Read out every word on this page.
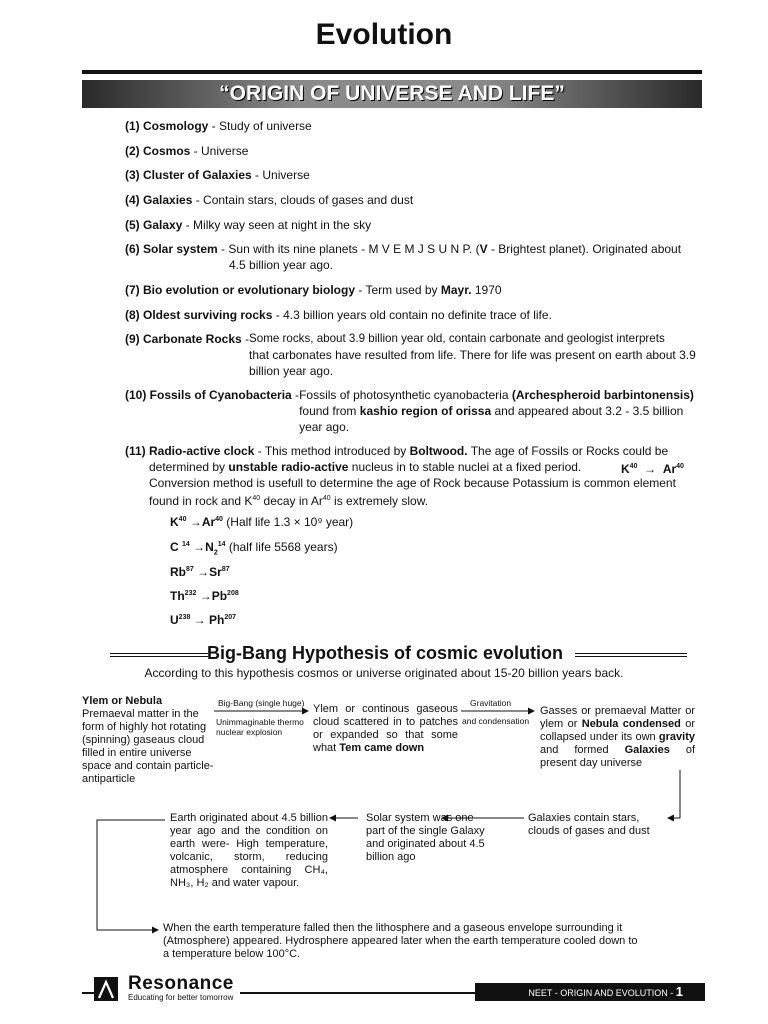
Evolution
“ORIGIN OF UNIVERSE AND LIFE”
(1) Cosmology - Study of universe
(2) Cosmos - Universe
(3) Cluster of Galaxies - Universe
(4) Galaxies - Contain stars, clouds of gases and dust
(5) Galaxy - Milky way seen at night in the sky
(6) Solar system - Sun with its nine planets - M V E M J S U N P. (V - Brightest planet). Originated about
4.5 billion year ago.
(7) Bio evolution or evolutionary biology - Term used by Mayr. 1970
(8) Oldest surviving rocks - 4.3 billion years old contain no definite trace of life.
(9) Carbonate Rocks - Some rocks, about 3.9 billion year old, contain carbonate and geologist interprets
that carbonates have resulted from life. There for life was present on earth about 3.9 billion year ago.
(10) Fossils of Cyanobacteria - Fossils of photosynthetic cyanobacteria (Archespheroid barbintonensis)
found from kashio region of orissa and appeared about 3.2 - 3.5 billion year ago.
(11) Radio-active clock - This method introduced by Boltwood. The age of Fossils or Rocks could be
determined by unstable radio-active nucleus in to stable nuclei at a fixed period.	$K^{40} \to Ar^{40}$
Conversion method is usefull to determine the age of Rock because Potassium is common element
found in rock and $K^{40}$ decay in Ar$^{40}$ is extremely slow.
$K^{40} \to Ar^{40}$ (Half life 1.3 × 10⁹ year)
C $^{14} \to N_2^{14}$ (half life 5568 years)
$Rb^{87} \to Sr^{87}$
$Th^{232} \to Pb^{208}$
$U^{238} \to Ph^{207}$
Big-Bang Hypothesis of cosmic evolution
According to this hypothesis cosmos or universe originated about 15-20 billion years back.
Ylem or Nebula
Premaeval matter in the form of highly hot rotating (spinning) gaseaus cloud filled in entire universe space and contain particle-antiparticle
Big-Bang (single huge)
Unimmaginable thermo nuclear explosion
Ylem or continous gaseous cloud scattered in to patches or expanded so that some what Tem came down
Gravitation
and condensation
Gasses or premaeval Matter or ylem or Nebula condensed or collapsed under its own gravity and formed Galaxies of present day universe
Galaxies contain stars, clouds of gases and dust
Solar system was one part of the single Galaxy and originated about 4.5 billion ago
Earth originated about 4.5 billion year ago and the condition on earth were- High temperature, volcanic, storm, reducing atmosphere containing CH₄, NH₃, H₂ and water vapour.
When the earth temperature falled then the lithosphere and a gaseous envelope surrounding it (Atmosphere) appeared. Hydrosphere appeared later when the earth temperature cooled down to a temperature below 100°C.
NEET - ORIGIN AND EVOLUTION - 1
Resonance
Educating for better tomorrow
